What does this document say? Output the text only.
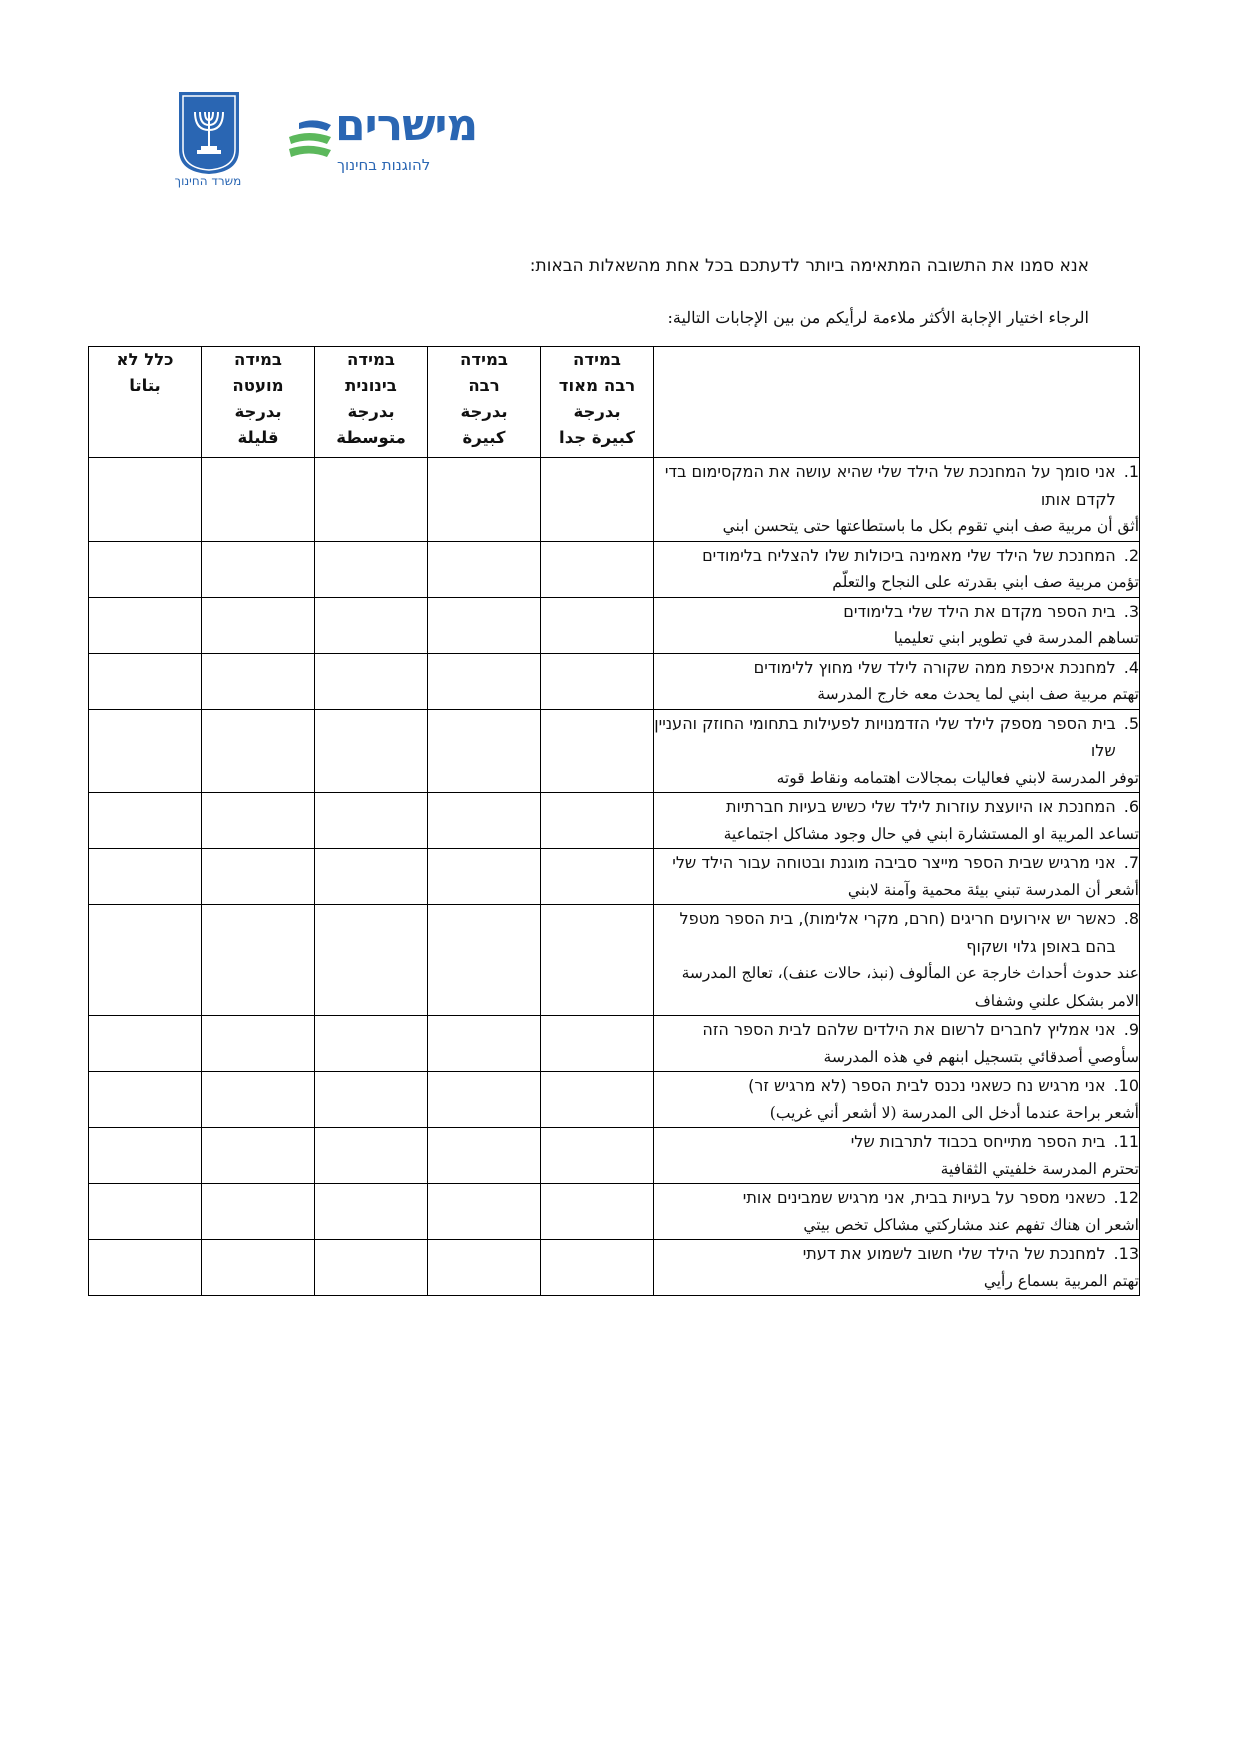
משרד החינוך
מישרים
להוגנות בחינוך
אנא סמנו את התשובה המתאימה ביותר לדעתכם בכל אחת מהשאלות הבאות:
الرجاء اختيار الإجابة الأكثر ملاءمة لرأيكم من بين الإجابات التالية:

	במידה
רבה מאוד
بدرجة
كبيرة جدا	במידה
רבה
بدرجة
كبيرة	במידה
בינונית
بدرجة
متوسطة	במידה
מועטה
بدرجة
قليلة	כלל לא
بتاتا

1.
אני סומך על המחנכת של הילד שלי שהיא עושה את המקסימום בדי לקדם אותו
أثق أن مربية صف ابني تقوم بكل ما باستطاعتها حتى يتحسن ابني					

2.
המחנכת של הילד שלי מאמינה ביכולות שלו להצליח בלימודים
تؤمن مربية صف ابني بقدرته على النجاح والتعلّم					

3.
בית הספר מקדם את הילד שלי בלימודים
تساهم المدرسة في تطوير ابني تعليميا					

4.
למחנכת איכפת ממה שקורה לילד שלי מחוץ ללימודים
تهتم مربية صف ابني لما يحدث معه خارج المدرسة					

5.
בית הספר מספק לילד שלי הזדמנויות לפעילות בתחומי החוזק והעניין שלו
توفر المدرسة لابني فعاليات بمجالات اهتمامه ونقاط قوته					

6.
המחנכת או היועצת עוזרות לילד שלי כשיש בעיות חברתיות
تساعد المربية او المستشارة ابني في حال وجود مشاكل اجتماعية					

7.
אני מרגיש שבית הספר מייצר סביבה מוגנת ובטוחה עבור הילד שלי
أشعر أن المدرسة تبني بيئة محمية وآمنة لابني					

8.
כאשר יש אירועים חריגים (חרם, מקרי אלימות), בית הספר מטפל בהם באופן גלוי ושקוף
عند حدوث أحداث خارجة عن المألوف (نبذ، حالات عنف)، تعالج المدرسة الامر بشكل علني وشفاف					

9.
אני אמליץ לחברים לרשום את הילדים שלהם לבית הספר הזה
سأوصي أصدقائي بتسجيل ابنهم في هذه المدرسة					

10.
אני מרגיש נח כשאני נכנס לבית הספר (לא מרגיש זר)
أشعر براحة عندما أدخل الى المدرسة (لا أشعر أني غريب)					

11.
בית הספר מתייחס בכבוד לתרבות שלי
تحترم المدرسة خلفيتي الثقافية					

12.
כשאני מספר על בעיות בבית, אני מרגיש שמבינים אותי
اشعر ان هناك تفهم عند مشاركتي مشاكل تخص بيتي					

13.
למחנכת של הילד שלי חשוב לשמוע את דעתי
تهتم المربية بسماع رأيي					
